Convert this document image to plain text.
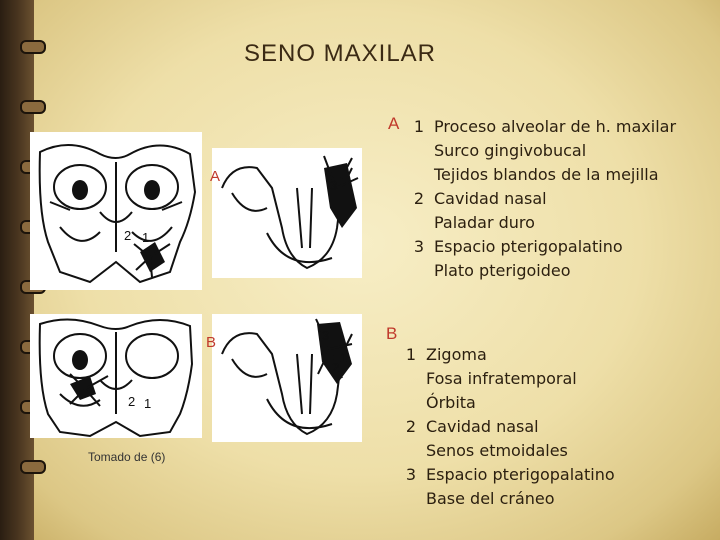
SENO MAXILAR
2 1
3
A
2 1
3
1
2
B
Tomado de (6)
A 1 Proceso alveolar de h. maxilar
Surco gingivobucal
Tejidos blandos de la mejilla
2 Cavidad nasal
Paladar duro
3 Espacio pterigopalatino
Plato pterigoideo
B
1 Zigoma
Fosa infratemporal
Órbita
2 Cavidad nasal
Senos etmoidales
3 Espacio pterigopalatino
Base del cráneo
